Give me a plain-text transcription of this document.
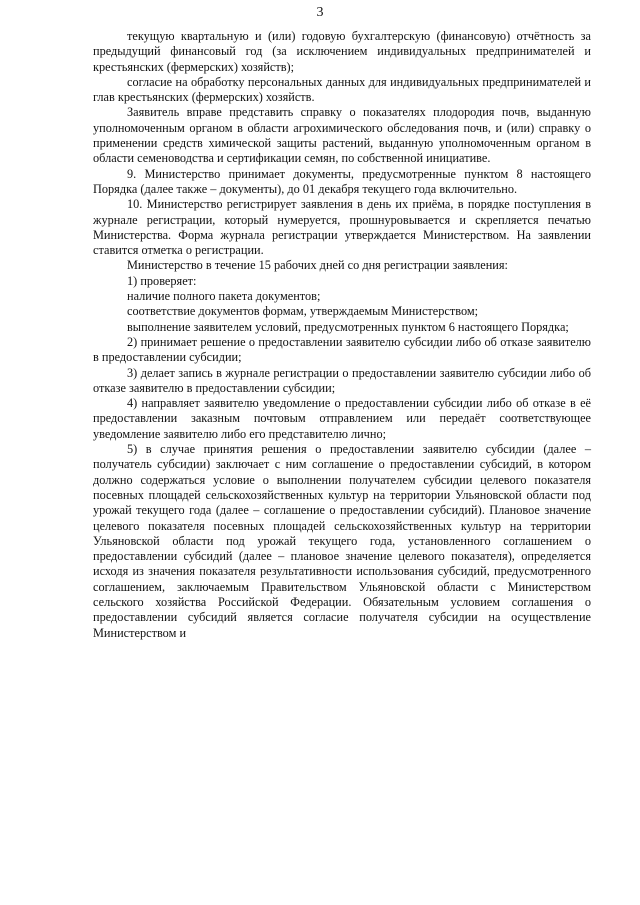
3

текущую квартальную и (или) годовую бухгалтерскую (финансовую) отчётность за предыдущий финансовый год (за исключением индивидуальных предпринимателей и крестьянских (фермерских) хозяйств);

согласие на обработку персональных данных для индивидуальных предпринимателей и глав крестьянских (фермерских) хозяйств.

Заявитель вправе представить справку о показателях плодородия почв, выданную уполномоченным органом в области агрохимического обследования почв, и (или) справку о применении средств химической защиты растений, выданную уполномоченным органом в области семеноводства и сертификации семян, по собственной инициативе.

9. Министерство принимает документы, предусмотренные пунктом 8 настоящего Порядка (далее также – документы), до 01 декабря текущего года включительно.

10. Министерство регистрирует заявления в день их приёма, в порядке поступления в журнале регистрации, который нумеруется, прошнуровывается и скрепляется печатью Министерства. Форма журнала регистрации утверждается Министерством. На заявлении ставится отметка о регистрации.

Министерство в течение 15 рабочих дней со дня регистрации заявления:

1) проверяет:

наличие полного пакета документов;

соответствие документов формам, утверждаемым Министерством;

выполнение заявителем условий, предусмотренных пунктом 6 настоящего Порядка;

2) принимает решение о предоставлении заявителю субсидии либо об отказе заявителю в предоставлении субсидии;

3) делает запись в журнале регистрации о предоставлении заявителю субсидии либо об отказе заявителю в предоставлении субсидии;

4) направляет заявителю уведомление о предоставлении субсидии либо об отказе в её предоставлении заказным почтовым отправлением или передаёт соответствующее уведомление заявителю либо его представителю лично;

5) в случае принятия решения о предоставлении заявителю субсидии (далее – получатель субсидии) заключает с ним соглашение о предоставлении субсидий, в котором должно содержаться условие о выполнении получателем субсидии целевого показателя посевных площадей сельскохозяйственных культур на территории Ульяновской области под урожай текущего года (далее – соглашение о предоставлении субсидий). Плановое значение целевого показателя посевных площадей сельскохозяйственных культур на территории Ульяновской области под урожай текущего года, установленного соглашением о предоставлении субсидий (далее – плановое значение целевого показателя), определяется исходя из значения показателя результативности использования субсидий, предусмотренного соглашением, заключаемым Правительством Ульяновской области с Министерством сельского хозяйства Российской Федерации. Обязательным условием соглашения о предоставлении субсидий является согласие получателя субсидии на осуществление Министерством и
